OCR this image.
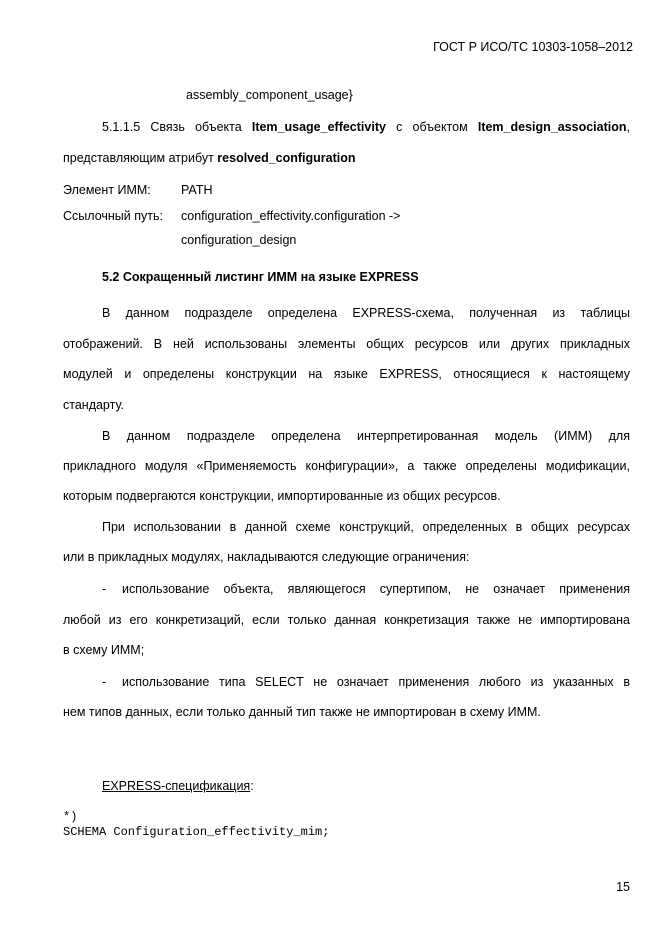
ГОСТ Р ИСО/ТС 10303-1058–2012
assembly_component_usage}
5.1.1.5 Связь объекта Item_usage_effectivity с объектом Item_design_association,
представляющим атрибут resolved_configuration
Элемент ИММ: PATH
Ссылочный путь: configuration_effectivity.configuration ->
configuration_design
5.2 Сокращенный листинг ИММ на языке EXPRESS
В данном подразделе определена EXPRESS-схема, полученная из таблицы
отображений. В ней использованы элементы общих ресурсов или других прикладных
модулей и определены конструкции на языке EXPRESS, относящиеся к настоящему
стандарту.
В данном подразделе определена интерпретированная модель (ИММ) для
прикладного модуля «Применяемость конфигурации», а также определены модификации,
которым подвергаются конструкции, импортированные из общих ресурсов.
При использовании в данной схеме конструкций, определенных в общих ресурсах
или в прикладных модулях, накладываются следующие ограничения:
- использование объекта, являющегося супертипом, не означает применения
любой из его конкретизаций, если только данная конкретизация также не импортирована
в схему ИММ;
- использование типа SELECT не означает применения любого из указанных в
нем типов данных, если только данный тип также не импортирован в схему ИММ.
EXPRESS-спецификация:
*)
SCHEMA Configuration_effectivity_mim;
15
